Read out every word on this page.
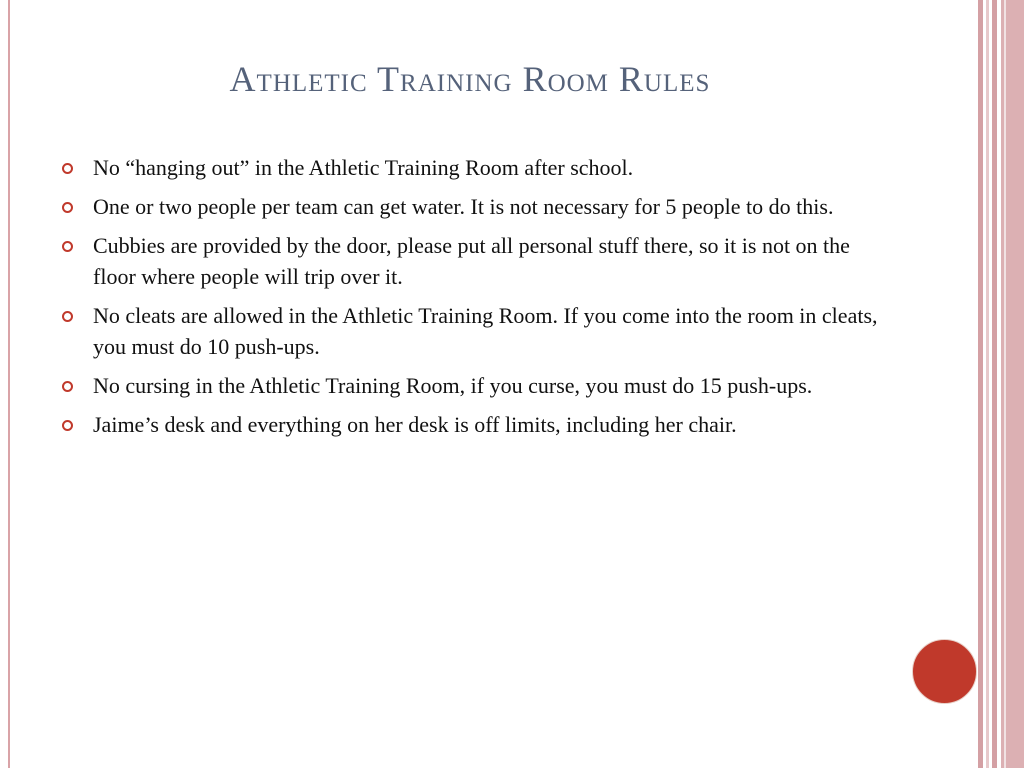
Athletic Training Room Rules
No “hanging out” in the Athletic Training Room after school.
One or two people per team can get water. It is not necessary for 5 people to do this.
Cubbies are provided by the door, please put all personal stuff there, so it is not on the floor where people will trip over it.
No cleats are allowed in the Athletic Training Room. If you come into the room in cleats, you must do 10 push-ups.
No cursing in the Athletic Training Room, if you curse, you must do 15 push-ups.
Jaime’s desk and everything on her desk is off limits, including her chair.
